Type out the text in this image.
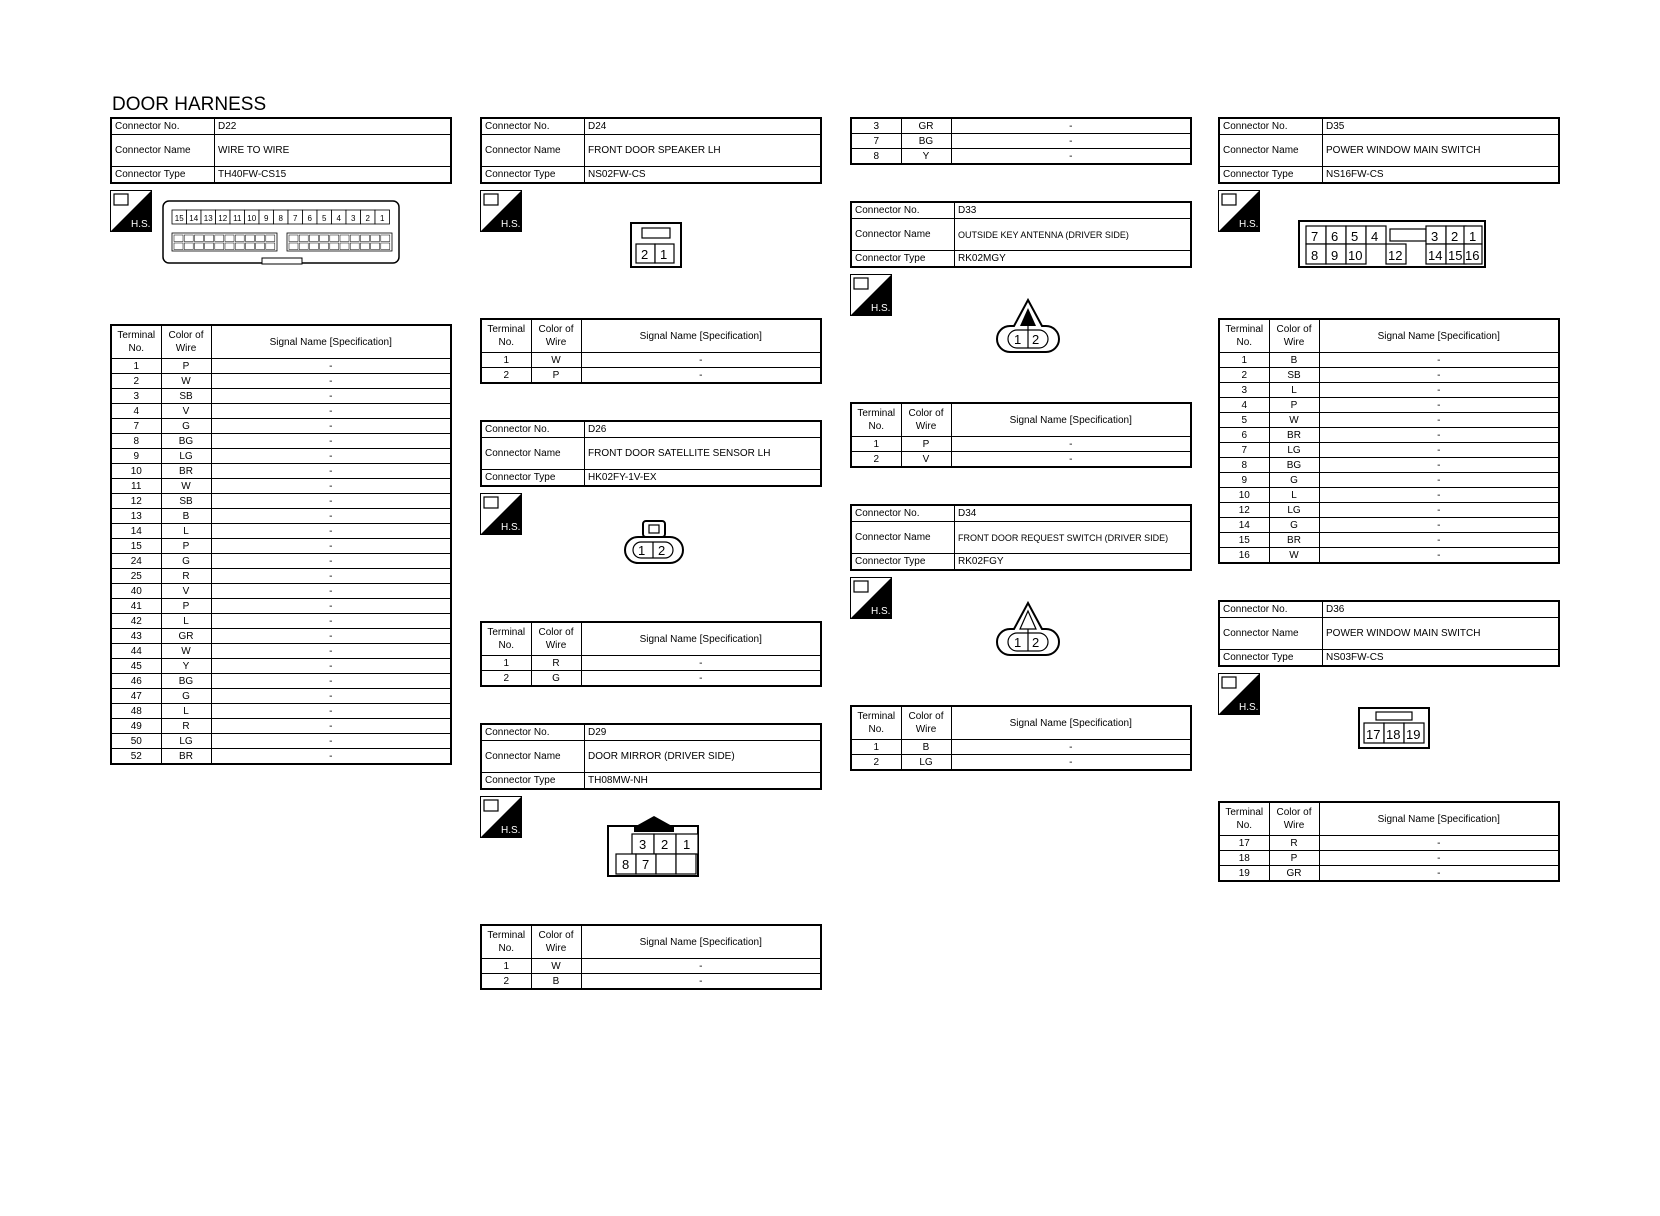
DOOR HARNESS
Connector No.	D22
Connector Name	WIRE TO WIRE
Connector Type	TH40FW-CS15
H.S.
15 14 13 12 11 10 9 8 7 6 5 4 3 2 1
Terminal No.	Color of Wire	Signal Name [Specification]
1	P	-
2	W	-
3	SB	-
4	V	-
7	G	-
8	BG	-
9	LG	-
10	BR	-
11	W	-
12	SB	-
13	B	-
14	L	-
15	P	-
24	G	-
25	R	-
40	V	-
41	P	-
42	L	-
43	GR	-
44	W	-
45	Y	-
46	BG	-
47	G	-
48	L	-
49	R	-
50	LG	-
52	BR	-
Connector No.	D24
Connector Name	FRONT DOOR SPEAKER LH
Connector Type	NS02FW-CS
H.S.
2 1
Terminal No.	Color of Wire	Signal Name [Specification]
1	W	-
2	P	-
Connector No.	D26
Connector Name	FRONT DOOR SATELLITE SENSOR LH
Connector Type	HK02FY-1V-EX
H.S.
1 2
Terminal No.	Color of Wire	Signal Name [Specification]
1	R	-
2	G	-
Connector No.	D29
Connector Name	DOOR MIRROR (DRIVER SIDE)
Connector Type	TH08MW-NH
H.S.
3 2 1
8 7
Terminal No.	Color of Wire	Signal Name [Specification]
1	W	-
2	B	-
3	GR	-
7	BG	-
8	Y	-
Connector No.	D33
Connector Name	OUTSIDE KEY ANTENNA (DRIVER SIDE)
Connector Type	RK02MGY
H.S.
1 2
Terminal No.	Color of Wire	Signal Name [Specification]
1	P	-
2	V	-
Connector No.	D34
Connector Name	FRONT DOOR REQUEST SWITCH (DRIVER SIDE)
Connector Type	RK02FGY
H.S.
1 2
Terminal No.	Color of Wire	Signal Name [Specification]
1	B	-
2	LG	-
Connector No.	D35
Connector Name	POWER WINDOW MAIN SWITCH
Connector Type	NS16FW-CS
H.S.
7 6 5 4	3 2 1
8 9 10 12 14 15 16
Terminal No.	Color of Wire	Signal Name [Specification]
1	B	-
2	SB	-
3	L	-
4	P	-
5	W	-
6	BR	-
7	LG	-
8	BG	-
9	G	-
10	L	-
12	LG	-
14	G	-
15	BR	-
16	W	-
Connector No.	D36
Connector Name	POWER WINDOW MAIN SWITCH
Connector Type	NS03FW-CS
H.S.
17 18 19
Terminal No.	Color of Wire	Signal Name [Specification]
17	R	-
18	P	-
19	GR	-
